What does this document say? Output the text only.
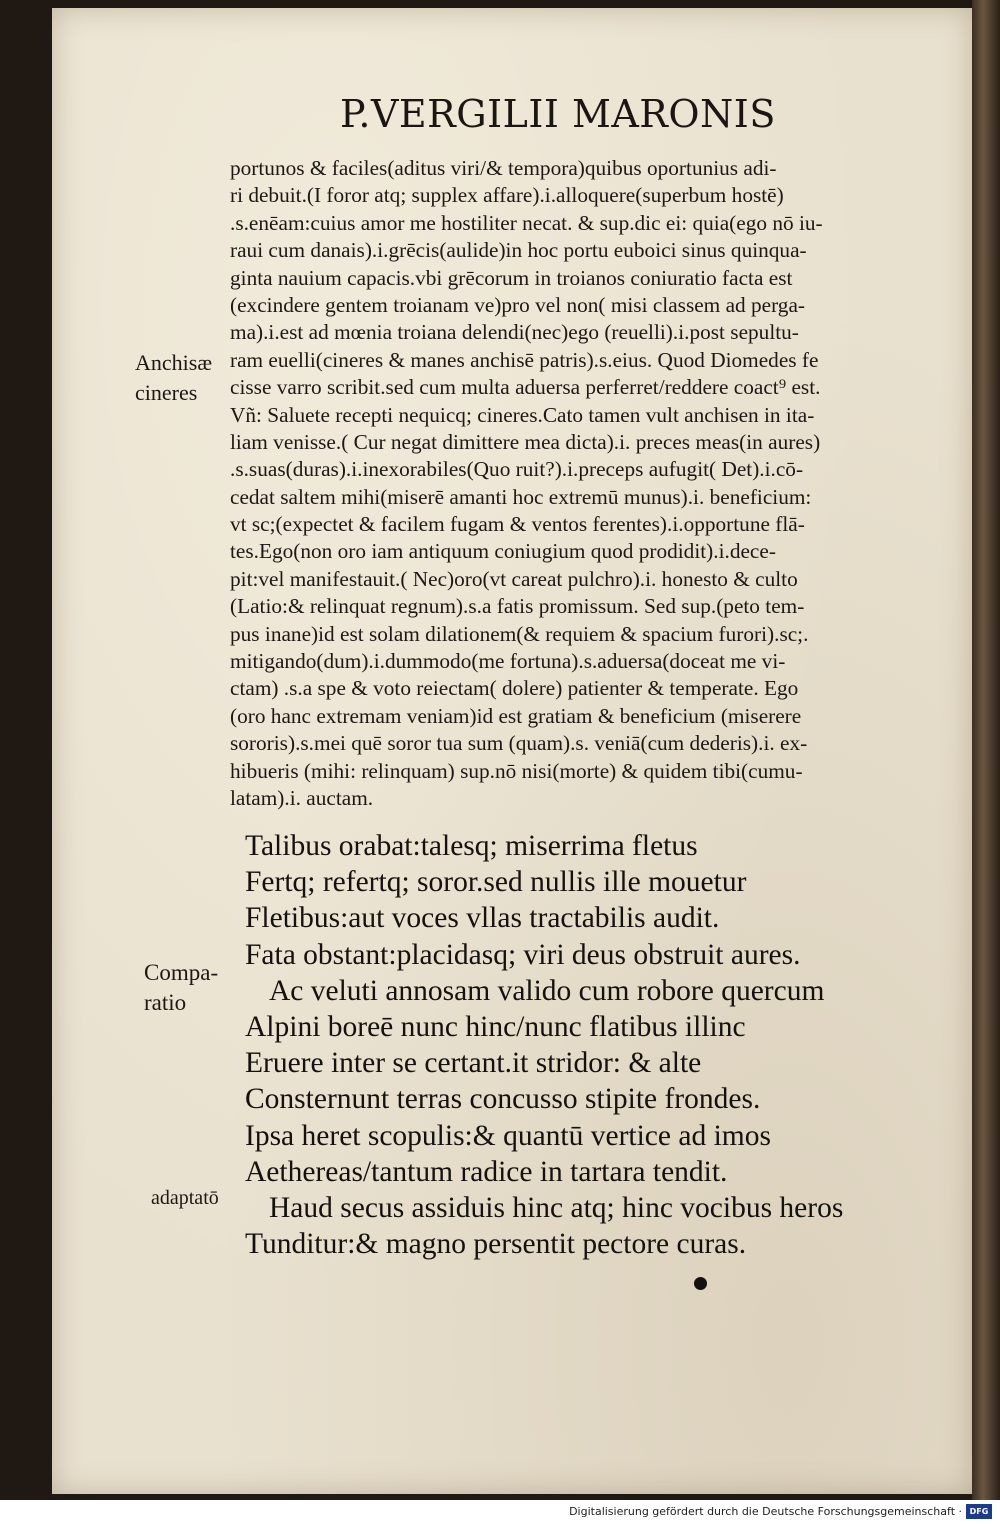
P.VERGILII MARONIS
portunos & faciles(aditus viri/& tempora)quibus oportunius adi-
ri debuit.(I foror atq; supplex affare).i.alloquere(superbum hostē)
.s.enēam:cuius amor me hostiliter necat. & sup.dic ei: quia(ego nō iu-
raui cum danais).i.grēcis(aulide)in hoc portu euboici sinus quinqua-
ginta nauium capacis.vbi grēcorum in troianos coniuratio facta est
(excindere gentem troianam ve)pro vel non( misi classem ad perga-
ma).i.est ad mœnia troiana delendi(nec)ego (reuelli).i.post sepultu-
ram euelli(cineres & manes anchisē patris).s.eius. Quod Diomedes fe
cisse varro scribit.sed cum multa aduersa perferret/reddere coact⁹ est.
Vñ: Saluete recepti nequicq; cineres.Cato tamen vult anchisen in ita-
liam venisse.( Cur negat dimittere mea dicta).i. preces meas(in aures)
.s.suas(duras).i.inexorabiles(Quo ruit?).i.preceps aufugit( Det).i.cō-
cedat saltem mihi(miserē amanti hoc extremū munus).i. beneficium:
vt sc;(expectet & facilem fugam & ventos ferentes).i.opportune flā-
tes.Ego(non oro iam antiquum coniugium quod prodidit).i.dece-
pit:vel manifestauit.( Nec)oro(vt careat pulchro).i. honesto & culto
(Latio:& relinquat regnum).s.a fatis promissum. Sed sup.(peto tem-
pus inane)id est solam dilationem(& requiem & spacium furori).sc;.
mitigando(dum).i.dummodo(me fortuna).s.aduersa(doceat me vi-
ctam) .s.a spe & voto reiectam( dolere) patienter & temperate. Ego
(oro hanc extremam veniam)id est gratiam & beneficium (miserere
sororis).s.mei quē soror tua sum (quam).s. veniā(cum dederis).i. ex-
hibueris (mihi: relinquam) sup.nō nisi(morte) & quidem tibi(cumu-
latam).i. auctam.
Talibus orabat:talesq; miserrima fletus
Fertq; refertq; soror.sed nullis ille mouetur
Fletibus:aut voces vllas tractabilis audit.
Fata obstant:placidasq; viri deus obstruit aures.
Ac veluti annosam valido cum robore quercum
Alpini boreē nunc hinc/nunc flatibus illinc
Eruere inter se certant.it stridor: & alte
Consternunt terras concusso stipite frondes.
Ipsa heret scopulis:& quantū vertice ad imos
Aethereas/tantum radice in tartara tendit.
Haud secus assiduis hinc atq; hinc vocibus heros
Tunditur:& magno persentit pectore curas.
Anchisæ
cineres
Compa-
ratio
adaptatō
Digitalisierung gefördert durch die Deutsche Forschungsgemeinschaft · DFG
